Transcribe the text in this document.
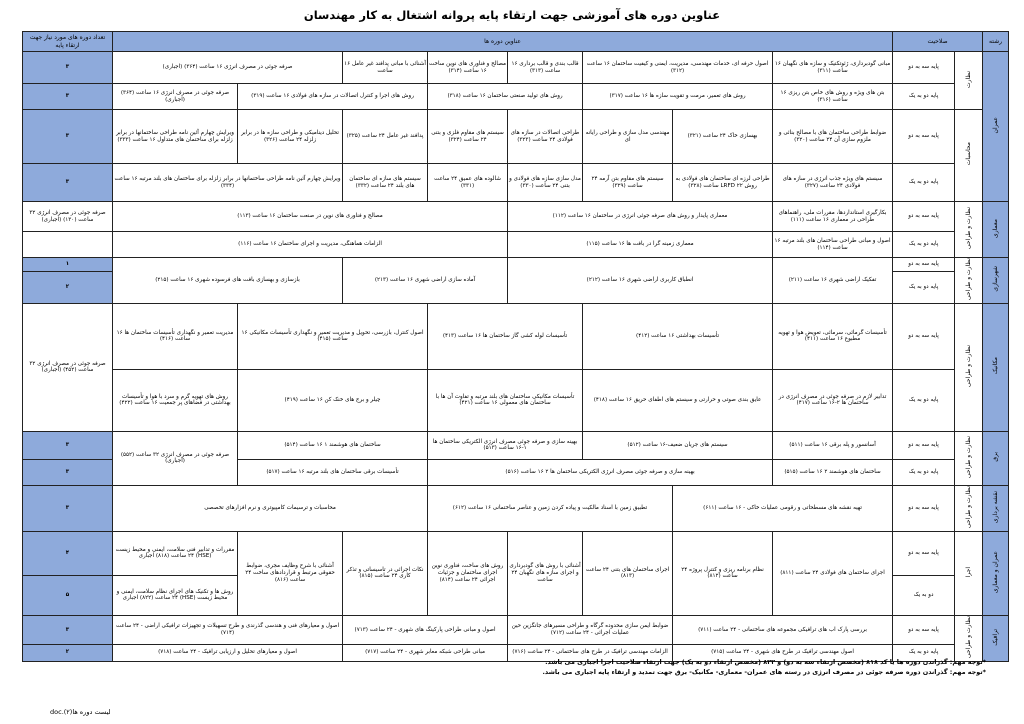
عناوین دوره های آموزشی جهت ارتقاء پایه پروانه اشتغال به کار مهندسان
رشته	صلاحیت		عناوین دوره ها								تعداد دوره های مورد نیاز جهت ارتقاء پایه	
عمران	نظارت	پایه سه به دو	مبانی گودبرداری، ژئوتکنیک و سازه های نگهبان ۱۶ ساعت (۳۱۱)	اصول حرفه ای، خدمات مهندسی، مدیریت، ایمنی و کیفیت ساختمان ۱۶ ساعت (۳۱۲)		قالب بندی و قالب برداری ۱۶ ساعت (۳۱۳)	مصالح و فناوری های نوین ساخت ۱۶ ساعت (۳۱۴)	آشنائی با مبانی پدافند غیر عامل ۱۶ ساعت	صرفه جوئی در مصرف انرژی ۱۶ ساعت (۳۶۴) (اجباری)		۳	
		پایه دو به یک	بتن های ویژه و روش های خاص بتن ریزی ۱۶ ساعت (۳۱۶)	روش های تعمیر، مرمت و تقویت سازه ها ۱۶ ساعت (۳۱۷)		روش های تولید صنعتی ساختمان ۱۶ ساعت (۳۱۸)		روش های اجرا و کنترل اتصالات در سازه های فولادی ۱۶ ساعت (۳۱۹)		صرفه جوئی در مصرف انرژی ۱۶ ساعت (۳۶۴) (اجباری)	۳	
	محاسبات	پایه سه به دو	ضوابط طراحی ساختمان های با مصالح بنائی و ملزوم سازی آن ۲۴ ساعت (۳۲۰)	بهسازی خاک ۲۴ ساعت (۳۲۱)	مهندسی مدل سازی و طراحی رایانه ای	طراحی اتصالات در سازه های فولادی ۲۴ ساعت (۳۲۳)	سیستم های مقاوم فلزی و بتنی ۲۴ ساعت (۳۲۴)	پدافند غیر عامل ۲۴ ساعت (۳۲۵)	تحلیل دینامیکی و طراحی سازه ها در برابر زلزله ۲۴ ساعت (۳۲۶)	ویرایش چهارم آئین نامه طراحی ساختمانها در برابر زلزله برای ساختمان های متداول ۱۶ ساعت (۳۳۳)	۳	
		پایه دو به یک	سیستم های ویژه جذب انرژی در سازه های فولادی ۲۴ ساعت (۳۲۷)	طراحی لرزه ای ساختمان های فولادی به روش LRFD ۲۲ ساعت (۳۲۸)	سیستم های مقاوم بتن آرمه ۲۴ ساعت (۳۲۹)	مدل سازی سازه های فولادی و بتنی ۲۴ ساعت (۳۳۰)	شالوده های عمیق ۲۴ ساعت (۳۳۱)	سیستم های سازه ای ساختمان های بلند ۲۴ ساعت (۳۳۲)	ویرایش چهارم آئین نامه طراحی ساختمانها در برابر زلزله برای ساختمان های بلند مرتبه ۱۶ ساعت (۳۳۴)		۳	
معماری	نظارت و طراحی	پایه سه به دو	بکارگیری استانداردها، مقررات ملی، راهنماهای طراحی در معماری ۱۶ ساعت (۱۱۱)	معماری پایدار و روش های صرفه جوئی انرژی در ساختمان ۱۶ ساعت (۱۱۲)			مصالح و فناوری های نوین در صنعت ساختمان ۱۶ ساعت (۱۱۳)				صرفه جوئی در مصرف انرژی ۳۲ ساعت (۱۳۰) (اجباری)	
		پایه دو به یک	اصول و مبانی طراحی ساختمان های بلند مرتبه ۱۶ ساعت (۱۱۴)	معماری زمینه گرا در بافت ها ۱۶ ساعت (۱۱۵)			الزامات هماهنگی، مدیریت و اجرای ساختمان ۱۶ ساعت (۱۱۶)					
شهرسازی	نظارت و طراحی	پایه سه به دو	تفکیک اراضی شهری ۱۶ ساعت (۲۱۱)	انطباق کاربری اراضی شهری ۱۶ ساعت (۲۱۲)			آماده سازی اراضی شهری ۱۶ ساعت (۲۱۳)		بازسازی و بهسازی بافت های فرسوده شهری ۱۶ ساعت (۲۱۵)		۱	
		پایه دو به یک									۲	
مکانیک	نظارت و طراحی	پایه سه به دو	تأسیسات گرمائی، سرمائی، تعویض هوا و تهویه مطبوع ۱۶ ساعت (۴۱۱)	تأسیسات بهداشتی ۱۶ ساعت (۴۱۲)		تأسیسات لوله کشی گاز ساختمان ها ۱۶ ساعت (۴۱۳)		اصول کنترل، بازرسی، تحویل و مدیریت تعمیر و نگهداری تأسیسات مکانیکی ۱۶ ساعت (۴۱۵)		مدیریت تعمیر و نگهداری تأسیسات ساختمان ها ۱۶ ساعت (۴۱۶)	صرفه جوئی در مصرف انرژی ۳۲ ساعت (۴۵۲) (اجباری)	
		پایه دو به یک	تدابیر لازم در صرفه جوئی در مصرف انرژی در ساختمان ها ۲-۱۶ ساعت (۴۱۷)	عایق بندی صوتی و حرارتی و سیستم های اطفای حریق ۱۶ ساعت (۴۱۸)		تأسیسات مکانیکی ساختمان های بلند مرتبه و تفاوت آن ها با ساختمان های معمولی ۱۶ ساعت (۴۲۱)		چیلر و برج های خنک کن ۱۶ ساعت (۴۱۹)		روش های تهویه گرم و سرد با هوا و تأسیسات بهداشتی در فضاهای پر جمعیت ۱۶ ساعت (۴۲۲)	
برق	نظارت و طراحی	پایه سه به دو	آسانسور و پله برقی ۱۶ ساعت (۵۱۱)	سیستم های جریان ضعیف-۱۶ ساعت (۵۱۲)		بهینه سازی و صرفه جوئی مصرف انرژی الکتریکی ساختمان ها ۱-۱۶ ساعت (۵۱۳)		ساختمان های هوشمند ۱ ۱۶ ساعت (۵۱۴)		صرفه جوئی در مصرف انرژی ۳۲ ساعت (۵۵۲) (اجباری)	۳	
		پایه دو به یک	ساختمان های هوشمند ۲ ۱۶ ساعت (۵۱۵)	بهینه سازی و صرفه جوئی مصرف انرژی الکتریکی ساختمان ها ۲ ۱۶ ساعت (۵۱۶)				تأسیسات برقی ساختمان های بلند مرتبه ۱۶ ساعت (۵۱۷)			۳	
نقشه برداری	نظارت و طراحی	پایه سه به دو	تهیه نقشه های مسطحاتی و رقومی عملیات خاکی - ۱۶ ساعت (۶۱۱)		تطبیق زمین با اسناد مالکیت و پیاده کردن زمین و عناصر ساختمانی ۱۶ ساعت (۶۱۲)			محاسبات و ترسیمات کامپیوتری و نرم افزارهای تخصصی			۳	
عمران و معماری	اجرا	پایه سه به دو	اجرای ساختمان های فولادی ۲۴ ساعت (۸۱۱)	نظام برنامه ریزی و کنترل پروژه ۲۴ ساعت (۸۱۲)	اجرای ساختمان های بتنی ۲۴ ساعت (۸۱۳)	آشنائی با روش های گودبرداری و اجرای سازه های نگهبان ۲۴ ساعت	روش های ساخت، فناوری نوین اجرای ساختمان و جزئیات اجرائی ۲۴ ساعت (۸۱۴)	نکات اجرائی در تاسیساتی و تذکر کاری ۲۴ ساعت (۸۱۵)	آشنائی با شرح وظایف مجری، ضوابط حقوقی مرتبط و قراردادهای ساخت ۲۴ ساعت (۸۱۶)	مقررات و تدابیر فنی سلامت، ایمنی و محیط زیست (HSE) ۲۴ ساعت (۸۱۸) اجباری	۴	
		دو به یک								روش ها و تکنیک های اجرای نظام سلامت، ایمنی و محیط زیست (HSE) ۲۴ ساعت (۸۲۲) اجباری	۵	
ترافیک	نظارت و طراحی	پایه سه به دو	بررسی پارک اب های ترافیکی مجموعه های ساختمانی - ۲۴ ساعت (۷۱۱)		ضوابط ایمن سازی محدوده گرگاه و طراحی مسیرهای جانگزین حین عملیات اجرائی - ۲۴ ساعت (۷۱۲)		اصول و مبانی طراحی پارکینگ های شهری - ۲۴ ساعت (۷۱۳)		اصول و معیارهای فنی و هندسی گذرندی و طرح تسهیلات و تجهیزات ترافیکی اراضی - ۲۴ ساعت (۷۱۴)		۳	
		پایه دو به یک	اصول مهندسی ترافیک در طرح های شهری - ۲۴ ساعت (۷۱۵)		الزامات مهندسی ترافیک در طرح های ساختمانی - ۲۴ ساعت (۷۱۶)		مبانی طراحی شبکه معابر شهری - ۲۴ ساعت (۷۱۷)		اصول و معیارهای تحلیل و ارزیابی ترافیک - ۲۴ ساعت (۷۱۸)		۲	
*توجه مهم: گذراندن دوره ها یا کد ۸۱۸ (مخصص ارتقاء سه به دو) و ۸۲۲ (مخصص ارتقاء دو به یک) جهت ارتقاء صلاحیت اجرا اجباری می باشد.
*توجه مهم: گذراندن دوره صرفه جوئی در مصرف انرژی در رسته های عمران- معماری- مکانیک- برق جهت تمدید و ارتقاء پایه اجباری می باشد.
لیست دوره ها(۲).doc
